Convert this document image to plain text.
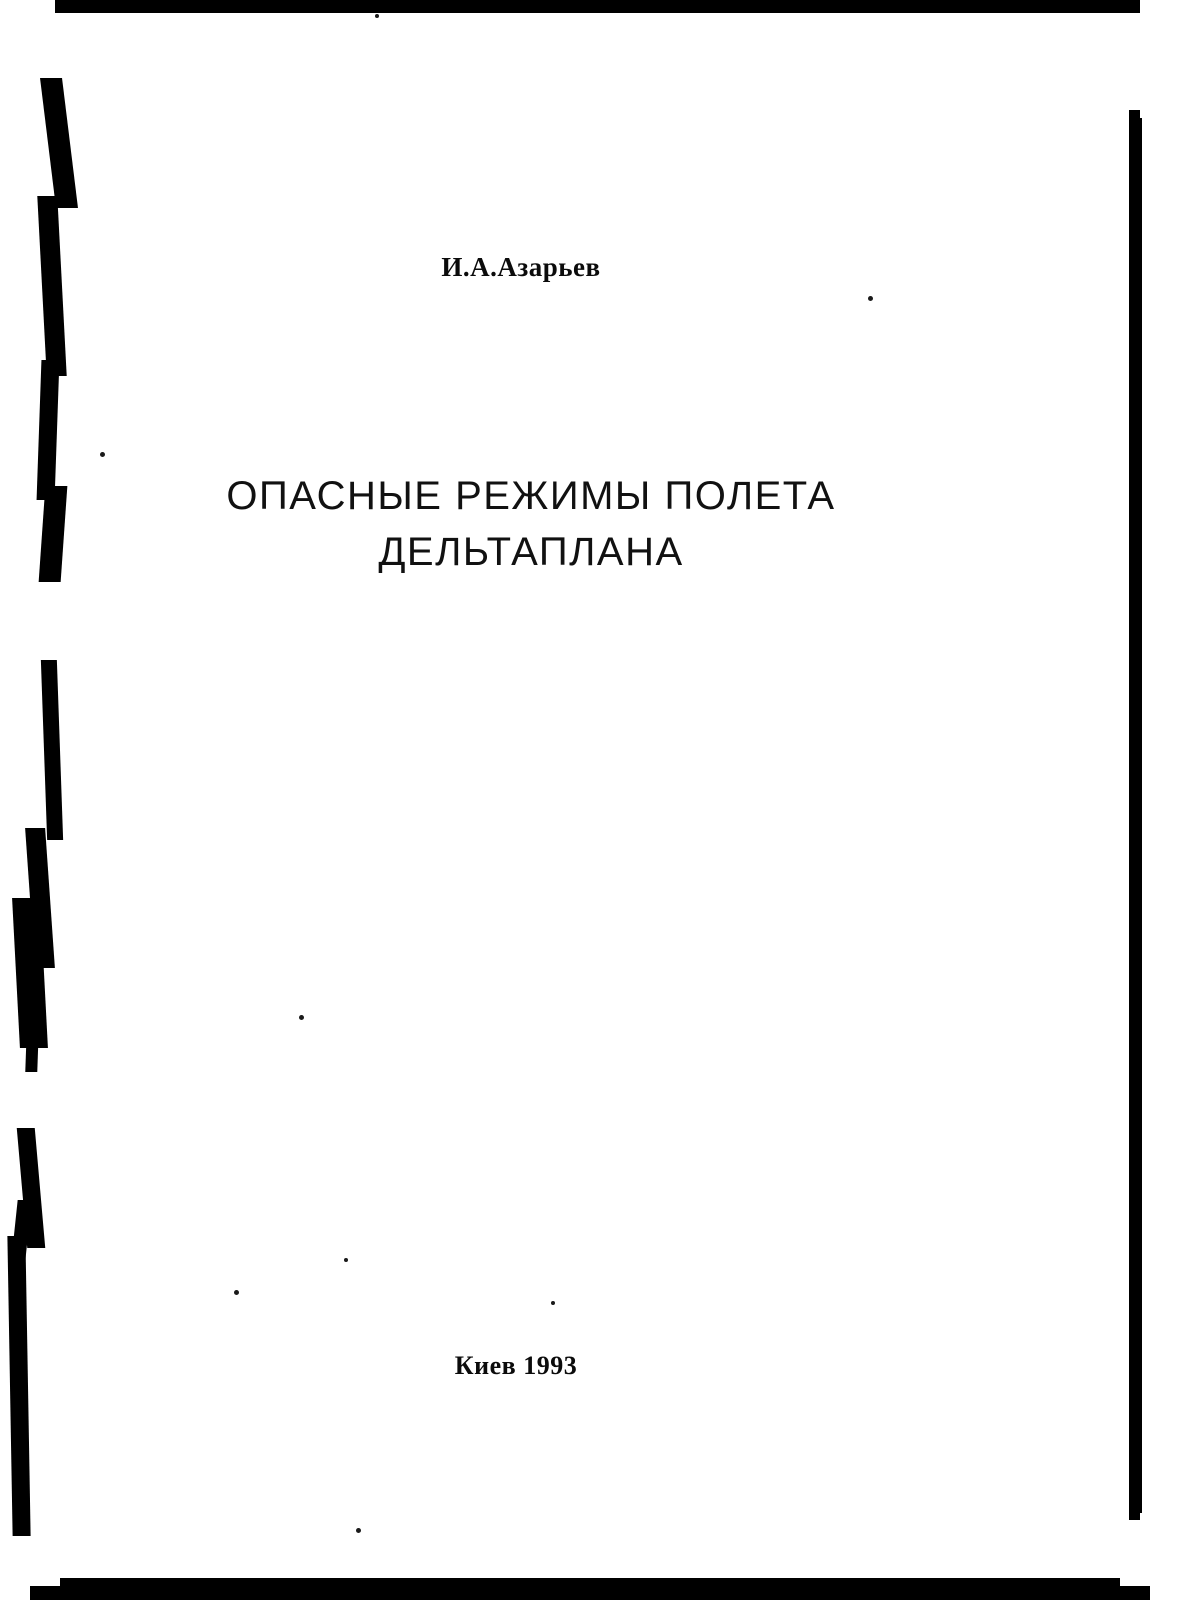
И.А.Азарьев
ОПАСНЫЕ РЕЖИМЫ ПОЛЕТА
ДЕЛЬТАПЛАНА
Киев 1993
